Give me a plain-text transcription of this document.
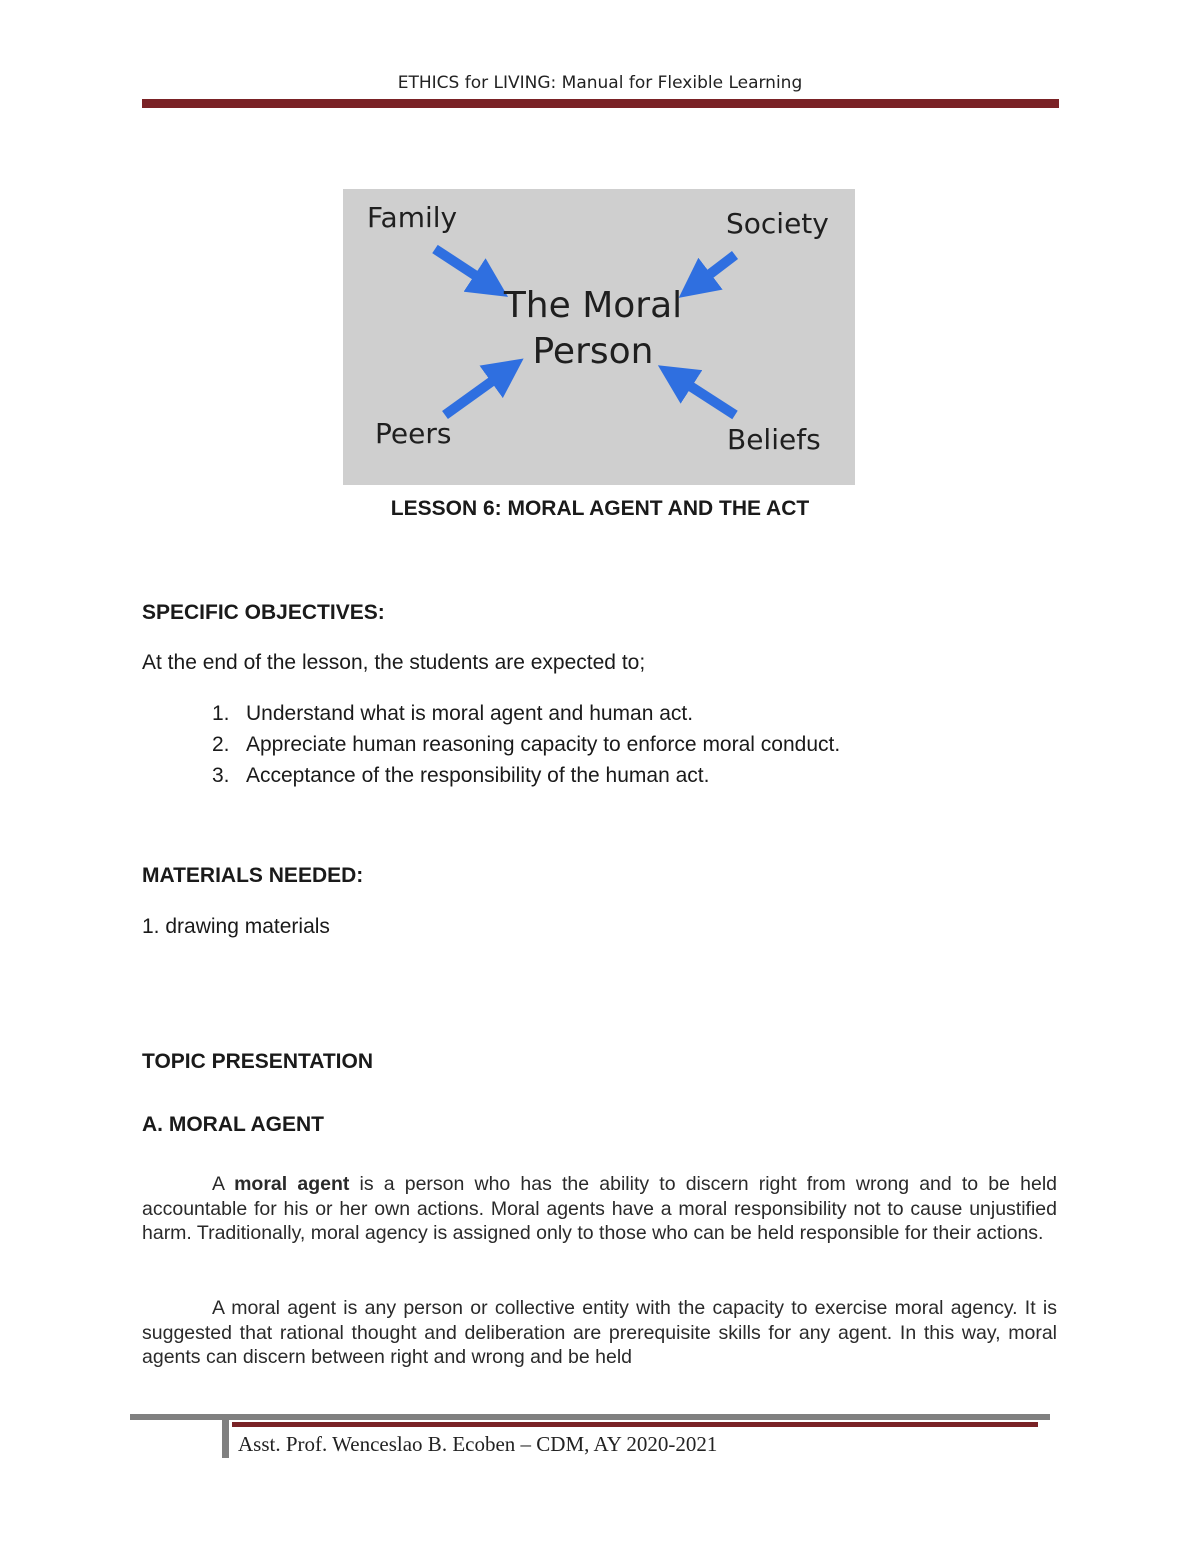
ETHICS for LIVING: Manual for Flexible Learning
Family	Society
Peers	Beliefs
The Moral
Person
LESSON 6: MORAL AGENT AND THE ACT
SPECIFIC OBJECTIVES:
At the end of the lesson, the students are expected to;
1. Understand what is moral agent and human act.
2. Appreciate human reasoning capacity to enforce moral conduct.
3. Acceptance of the responsibility of the human act.
MATERIALS NEEDED:
1. drawing materials
TOPIC PRESENTATION
A. MORAL AGENT

A moral agent is a person who has the ability to discern right from wrong and to be held accountable for his or her own actions. Moral agents have a moral responsibility not to cause unjustified harm. Traditionally, moral agency is assigned only to those who can be held responsible for their actions.

A moral agent is any person or collective entity with the capacity to exercise moral agency. It is suggested that rational thought and deliberation are prerequisite skills for any agent. In this way, moral agents can discern between right and wrong and be held

Asst. Prof. Wenceslao B. Ecoben – CDM, AY 2020-2021
